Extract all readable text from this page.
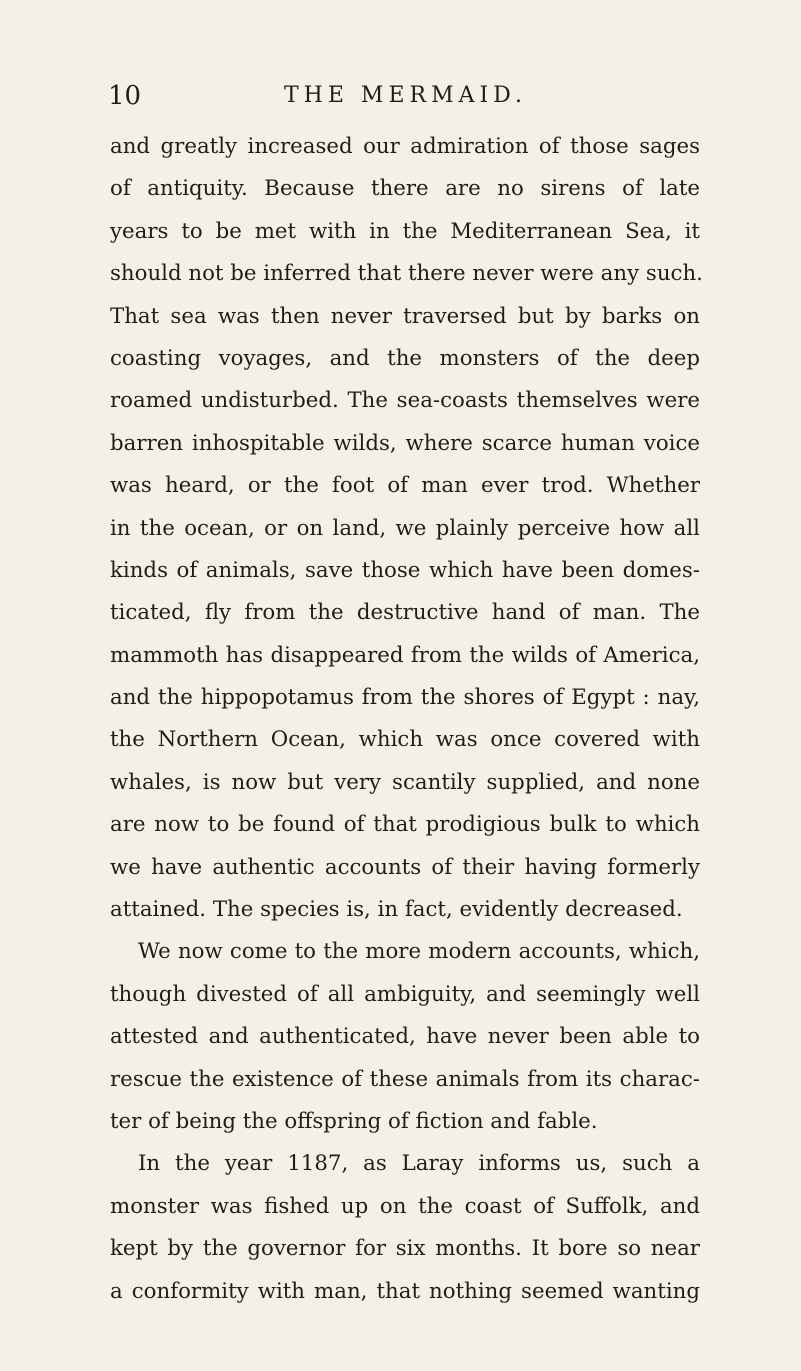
10	THE MERMAID.
and greatly increased our admiration of those sages
of antiquity. Because there are no sirens of late
years to be met with in the Mediterranean Sea, it
should not be inferred that there never were any such.
That sea was then never traversed but by barks on
coasting voyages, and the monsters of the deep
roamed undisturbed. The sea-coasts themselves were
barren inhospitable wilds, where scarce human voice
was heard, or the foot of man ever trod. Whether
in the ocean, or on land, we plainly perceive how all
kinds of animals, save those which have been domes-
ticated, fly from the destructive hand of man. The
mammoth has disappeared from the wilds of America,
and the hippopotamus from the shores of Egypt : nay,
the Northern Ocean, which was once covered with
whales, is now but very scantily supplied, and none
are now to be found of that prodigious bulk to which
we have authentic accounts of their having formerly
attained. The species is, in fact, evidently decreased.
We now come to the more modern accounts, which,
though divested of all ambiguity, and seemingly well
attested and authenticated, have never been able to
rescue the existence of these animals from its charac-
ter of being the offspring of fiction and fable.
In the year 1187, as Laray informs us, such a
monster was fished up on the coast of Suffolk, and
kept by the governor for six months. It bore so near
a conformity with man, that nothing seemed wanting
